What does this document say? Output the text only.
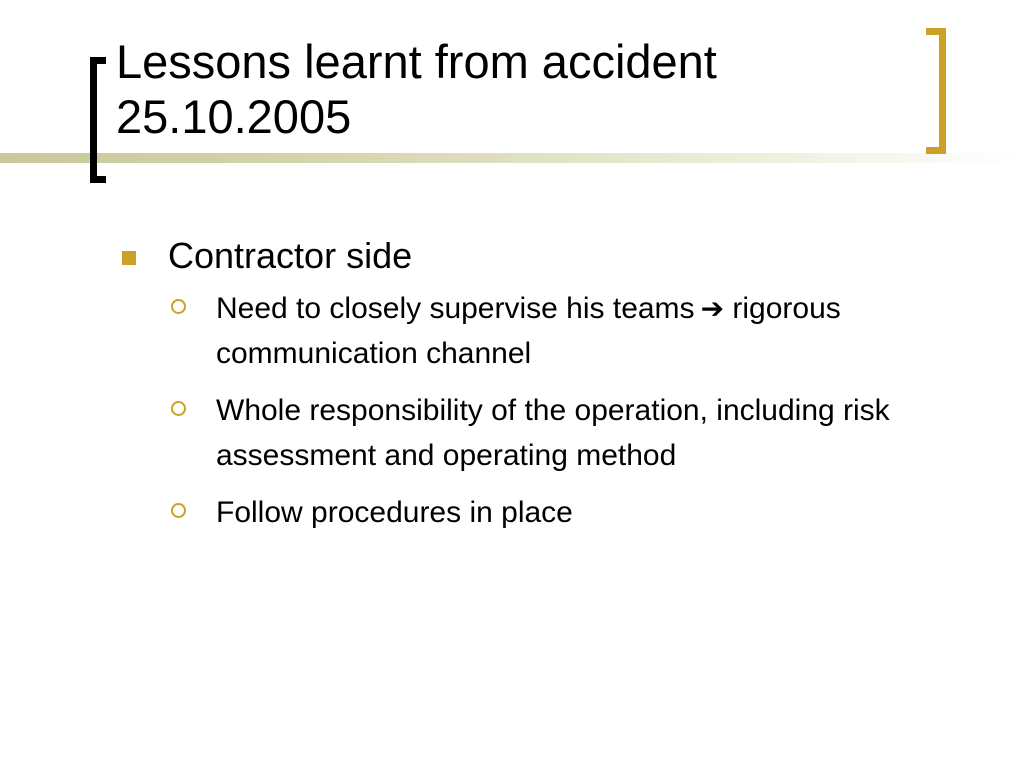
Lessons learnt from accident
25.10.2005
Contractor side
Need to closely supervise his teams ➔ rigorous communication channel
Whole responsibility of the operation, including risk assessment and operating method
Follow procedures in place
